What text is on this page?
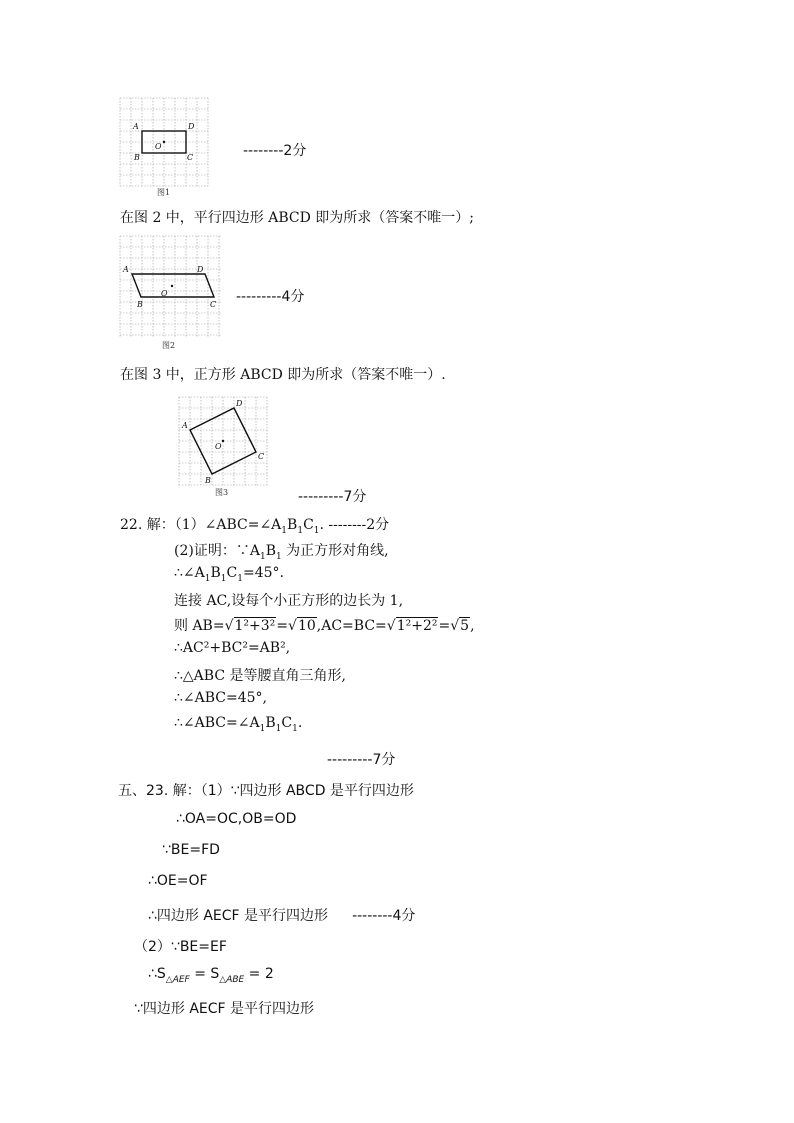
A	D
B	C
O
图1
--------2分
在图 2 中，平行四边形 ABCD 即为所求（答案不唯一）;
A	D
B	C
O
图2
---------4分
在图 3 中，正方形 ABCD 即为所求（答案不唯一）.
A
D
B
C
O
图3	---------7分
22. 解：$(1)\angle ABC=\angle A_1B_1C_1$. --------2分
(2)证明：$\because A_1B_1$ 为正方形对角线,
$\therefore\angle A_1B_1C_1=45^\circ$.
连接 AC,设每个小正方形的边长为 1,
则 AB=√1²+3²=√10,AC=BC=√1²+2²=√5,
∴AC²+BC²=AB²,
∴△ABC 是等腰直角三角形,
∴∠ABC=45°,
$\therefore\angle ABC=\angle A_1B_1C_1$.
---------7分
五、23. 解：（1）∵四边形 ABCD 是平行四边形
∴OA=OC,OB=OD
∵BE=FD
∴OE=OF
∴四边形 AECF 是平行四边形 --------4分
（2）∵BE=EF
$\therefore S_{\triangle AEF} = S_{\triangle ABE} = 2$
∵四边形 AECF 是平行四边形
